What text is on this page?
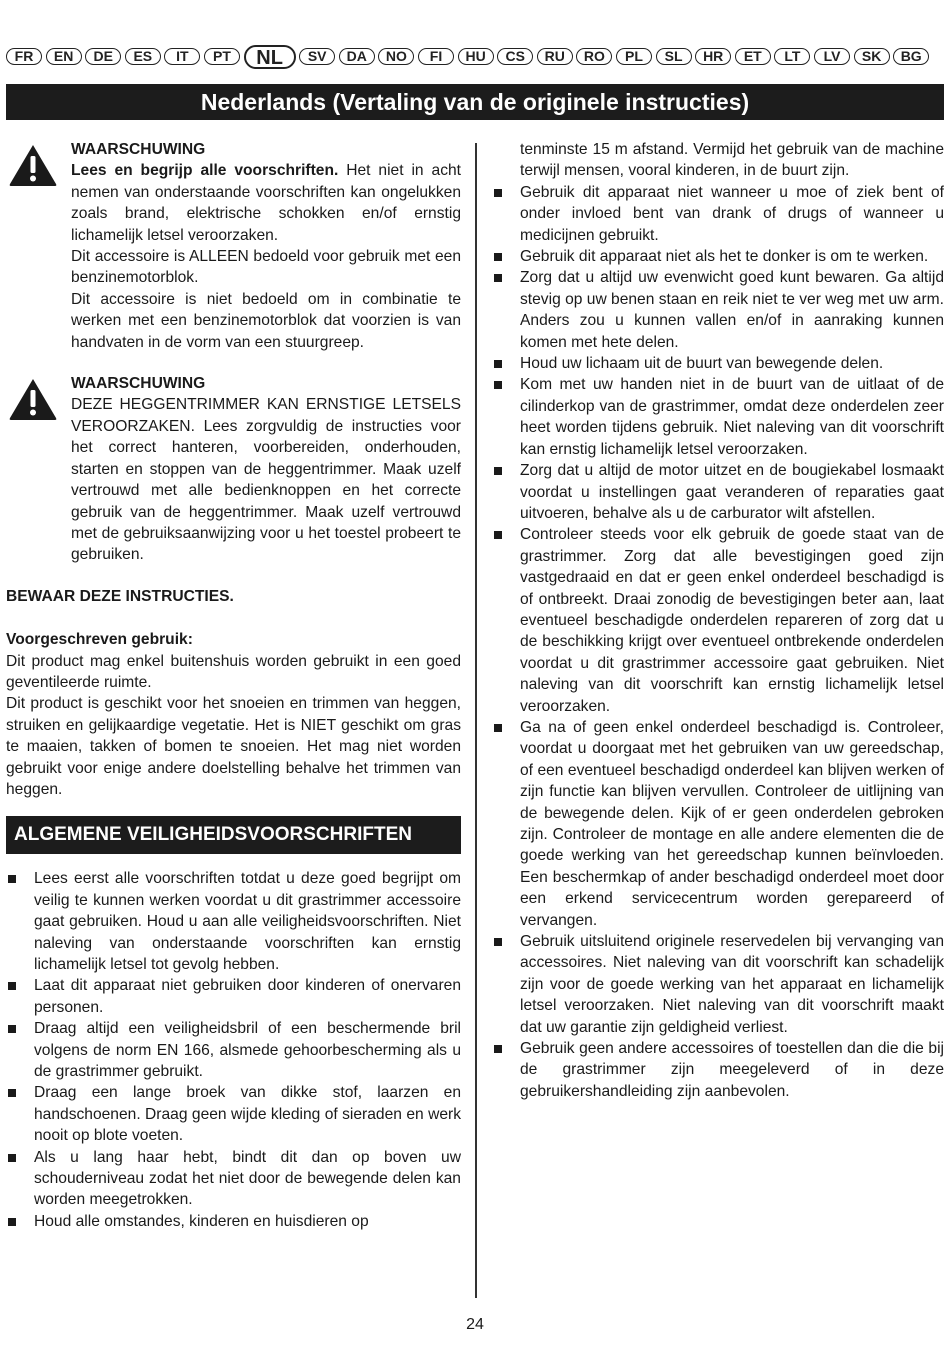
FR	EN	DE	ES	IT	PT	NL	SV	DA	NO	FI	HU	CS	RU	RO	PL	SL	HR	ET	LT	LV	SK	BG
Nederlands (Vertaling van de originele instructies)

WAARSCHUWING

Lees en begrijp alle voorschriften. Het niet in acht nemen van onderstaande voorschriften kan ongelukken zoals brand, elektrische schokken en/of ernstig lichamelijk letsel veroorzaken.

Dit accessoire is ALLEEN bedoeld voor gebruik met een benzinemotorblok.

Dit accessoire is niet bedoeld om in combinatie te werken met een benzinemotorblok dat voorzien is van handvaten in de vorm van een stuurgreep.

WAARSCHUWING

DEZE HEGGENTRIMMER KAN ERNSTIGE LETSELS VEROORZAKEN. Lees zorgvuldig de instructies voor het correct hanteren, voorbereiden, onderhouden, starten en stoppen van de heggentrimmer. Maak uzelf vertrouwd met alle bedienknoppen en het correcte gebruik van de heggentrimmer. Maak uzelf vertrouwd met de gebruiksaanwijzing voor u het toestel probeert te gebruiken.

BEWAAR DEZE INSTRUCTIES.

Voorgeschreven gebruik:

Dit product mag enkel buitenshuis worden gebruikt in een goed geventileerde ruimte.

Dit product is geschikt voor het snoeien en trimmen van heggen, struiken en gelijkaardige vegetatie. Het is NIET geschikt om gras te maaien, takken of bomen te snoeien. Het mag niet worden gebruikt voor enige andere doelstelling behalve het trimmen van heggen.

ALGEMENE VEILIGHEIDSVOORSCHRIFTEN
Lees eerst alle voorschriften totdat u deze goed begrijpt om veilig te kunnen werken voordat u dit grastrimmer accessoire gaat gebruiken. Houd u aan alle veiligheidsvoorschriften. Niet naleving van onderstaande voorschriften kan ernstig lichamelijk letsel tot gevolg hebben.
Laat dit apparaat niet gebruiken door kinderen of onervaren personen.
Draag altijd een veiligheidsbril of een beschermende bril volgens de norm EN 166, alsmede gehoorbescherming als u de grastrimmer gebruikt.
Draag een lange broek van dikke stof, laarzen en handschoenen. Draag geen wijde kleding of sieraden en werk nooit op blote voeten.
Als u lang haar hebt, bindt dit dan op boven uw schouderniveau zodat het niet door de bewegende delen kan worden meegetrokken.
Houd alle omstandes, kinderen en huisdieren op

tenminste 15 m afstand. Vermijd het gebruik van de machine terwijl mensen, vooral kinderen, in de buurt zijn.

Gebruik dit apparaat niet wanneer u moe of ziek bent of onder invloed bent van drank of drugs of wanneer u medicijnen gebruikt.
Gebruik dit apparaat niet als het te donker is om te werken.
Zorg dat u altijd uw evenwicht goed kunt bewaren. Ga altijd stevig op uw benen staan en reik niet te ver weg met uw arm. Anders zou u kunnen vallen en/of in aanraking kunnen komen met hete delen.
Houd uw lichaam uit de buurt van bewegende delen.
Kom met uw handen niet in de buurt van de uitlaat of de cilinderkop van de grastrimmer, omdat deze onderdelen zeer heet worden tijdens gebruik. Niet naleving van dit voorschrift kan ernstig lichamelijk letsel veroorzaken.
Zorg dat u altijd de motor uitzet en de bougiekabel losmaakt voordat u instellingen gaat veranderen of reparaties gaat uitvoeren, behalve als u de carburator wilt afstellen.
Controleer steeds voor elk gebruik de goede staat van de grastrimmer. Zorg dat alle bevestigingen goed zijn vastgedraaid en dat er geen enkel onderdeel beschadigd is of ontbreekt. Draai zonodig de bevestigingen beter aan, laat eventueel beschadigde onderdelen repareren of zorg dat u de beschikking krijgt over eventueel ontbrekende onderdelen voordat u dit grastrimmer accessoire gaat gebruiken. Niet naleving van dit voorschrift kan ernstig lichamelijk letsel veroorzaken.
Ga na of geen enkel onderdeel beschadigd is. Controleer, voordat u doorgaat met het gebruiken van uw gereedschap, of een eventueel beschadigd onderdeel kan blijven werken of zijn functie kan blijven vervullen. Controleer de uitlijning van de bewegende delen. Kijk of er geen onderdelen gebroken zijn. Controleer de montage en alle andere elementen die de goede werking van het gereedschap kunnen beïnvloeden. Een beschermkap of ander beschadigd onderdeel moet door een erkend servicecentrum worden gerepareerd of vervangen.
Gebruik uitsluitend originele reservedelen bij vervanging van accessoires. Niet naleving van dit voorschrift kan schadelijk zijn voor de goede werking van het apparaat en lichamelijk letsel veroorzaken. Niet naleving van dit voorschrift maakt dat uw garantie zijn geldigheid verliest.
Gebruik geen andere accessoires of toestellen dan die die bij de grastrimmer zijn meegeleverd of in deze gebruikershandleiding zijn aanbevolen.
24
